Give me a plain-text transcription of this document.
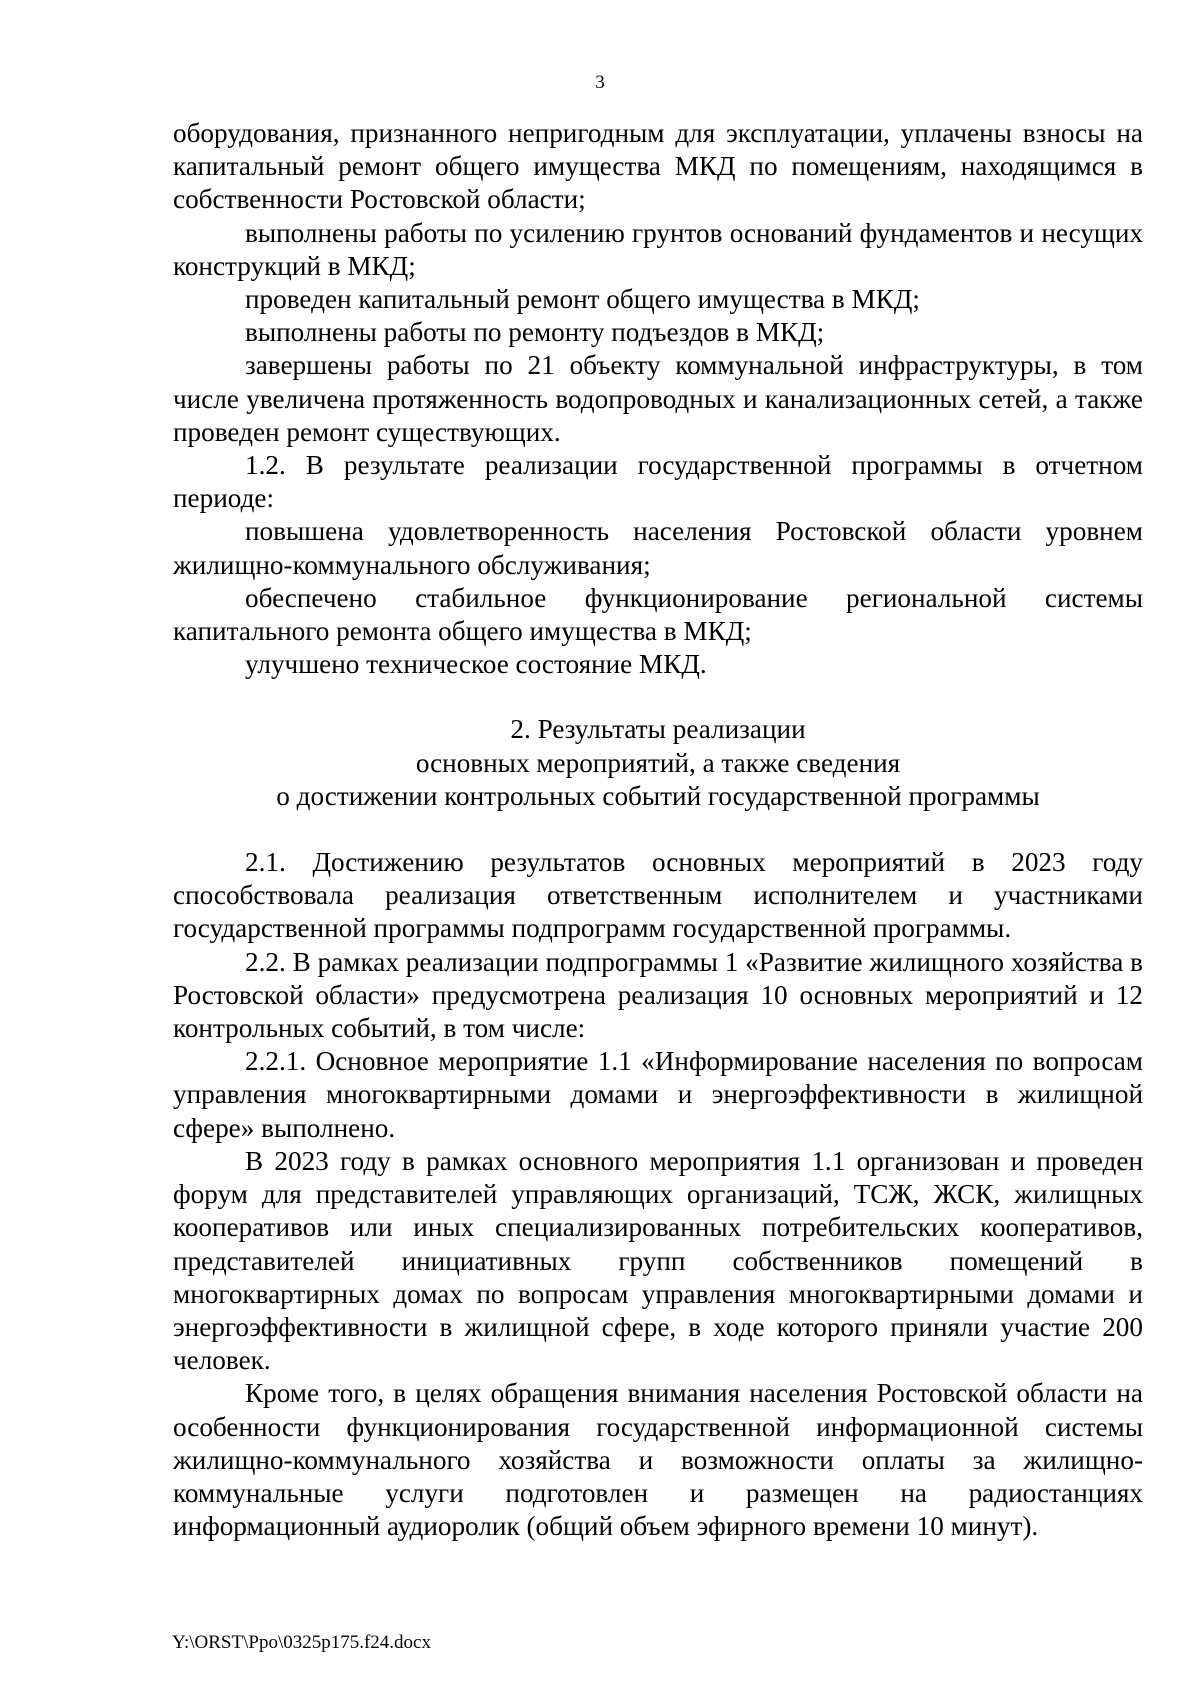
3

оборудования, признанного непригодным для эксплуатации, уплачены взносы на капитальный ремонт общего имущества МКД по помещениям, находящимся в собственности Ростовской области;

выполнены работы по усилению грунтов оснований фундаментов и несущих конструкций в МКД;

проведен капитальный ремонт общего имущества в МКД;

выполнены работы по ремонту подъездов в МКД;

завершены работы по 21 объекту коммунальной инфраструктуры, в том числе увеличена протяженность водопроводных и канализационных сетей, а также проведен ремонт существующих.

1.2. В результате реализации государственной программы в отчетном периоде:

повышена удовлетворенность населения Ростовской области уровнем жилищно-коммунального обслуживания;

обеспечено стабильное функционирование региональной системы капитального ремонта общего имущества в МКД;

улучшено техническое состояние МКД.

2. Результаты реализации
основных мероприятий, а также сведения
о достижении контрольных событий государственной программы

2.1. Достижению результатов основных мероприятий в 2023 году способствовала реализация ответственным исполнителем и участниками государственной программы подпрограмм государственной программы.

2.2. В рамках реализации подпрограммы 1 «Развитие жилищного хозяйства в Ростовской области» предусмотрена реализация 10 основных мероприятий и 12 контрольных событий, в том числе:

2.2.1. Основное мероприятие 1.1 «Информирование населения по вопросам управления многоквартирными домами и энергоэффективности в жилищной сфере» выполнено.

В 2023 году в рамках основного мероприятия 1.1 организован и проведен форум для представителей управляющих организаций, ТСЖ, ЖСК, жилищных кооперативов или иных специализированных потребительских кооперативов, представителей инициативных групп собственников помещений в многоквартирных домах по вопросам управления многоквартирными домами и энергоэффективности в жилищной сфере, в ходе которого приняли участие 200 человек.

Кроме того, в целях обращения внимания населения Ростовской области на особенности функционирования государственной информационной системы жилищно-коммунального хозяйства и возможности оплаты за жилищно-коммунальные услуги подготовлен и размещен на радиостанциях информационный аудиоролик (общий объем эфирного времени 10 минут).

Y:\ORST\Ppo\0325p175.f24.docx
